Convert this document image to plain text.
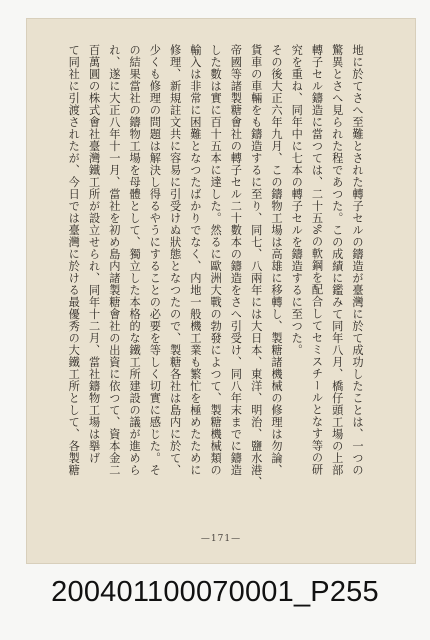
地に於てさへ至難とされた轉子セルの鑄造が臺灣に於て成功したことは、一つの
驚異とさへ見られた程であつた。この成績に鑑みて同年八月、橋仔頭工場の上部
轉子セル鑄造に當つては、二十五%の軟鋼を配合してセミスチールとなす等の研
究を重ね、同年中に七本の轉子セルを鑄造するに至つた。
その後大正六年九月、この鑄物工場は高雄に移轉し、製糖諸機械の修理は勿論、
貨車の車輛をも鑄造するに至り、同七、八兩年には大日本、東洋、明治、鹽水港、
帝國等諸製糖會社の轉子セル二十數本の鑄造をさへ引受け、同八年末までに鑄造
した數は實に百十五本に達した。然るに歐洲大戰の勃發によつて、製糖機械類の
輸入は非常に困難となつたばかりでなく、内地一般機工業も繁忙を極めたために
修理、新規註文共に容易に引受けぬ狀態となつたので、製糖各社は島内に於て、
少くも修理の問題は解決し得るやうにすることの必要を等しく切實に感じた。そ
の結果當社の鑄物工場を母體として、獨立した本格的な鐵工所建設の議が進めら
れ、遂に大正八年十一月、當社を初め島内諸製糖會社の出資に依つて、資本金二
百萬圓の株式會社臺灣鐵工所が設立せられ、同年十二月、當社鑄物工場は擧げ
て同社に引渡されたが、今日では臺灣に於ける最優秀の大鐵工所として、各製糖
—171—
200401100070001_P255
